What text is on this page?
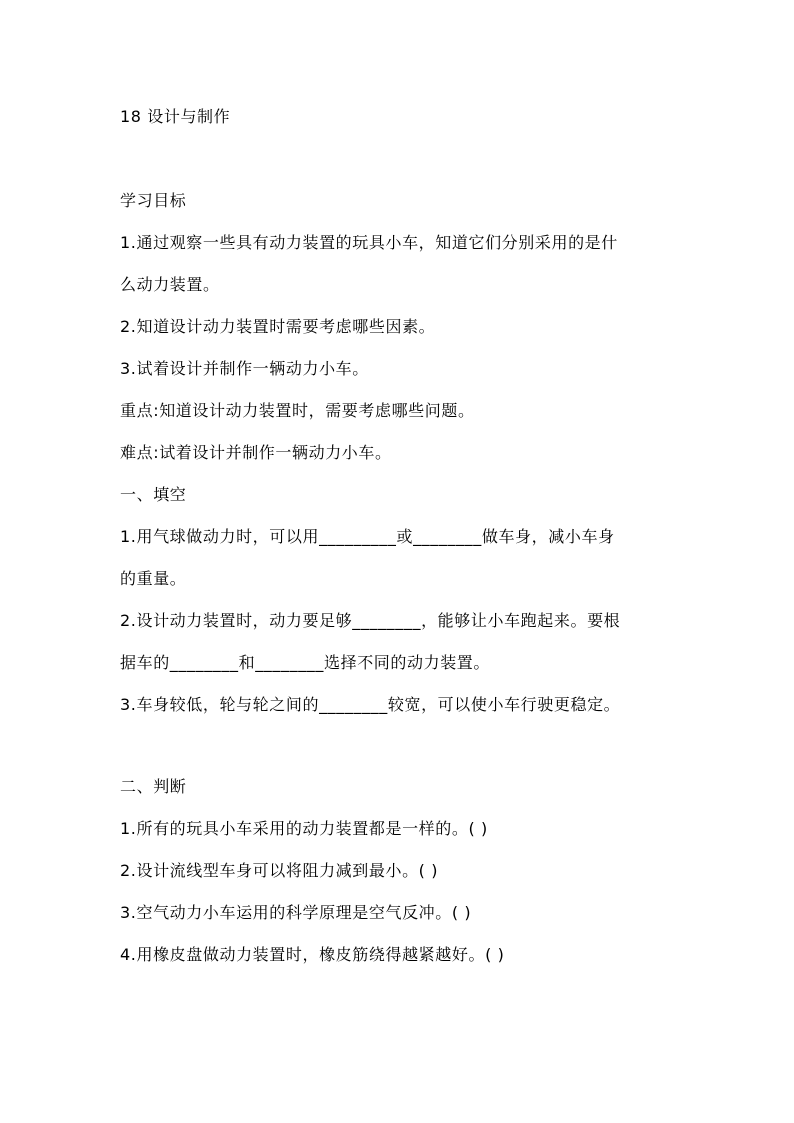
18 设计与制作
学习目标
1.通过观察一些具有动力装置的玩具小车，知道它们分别采用的是什
么动力装置。
2.知道设计动力装置时需要考虑哪些因素。
3.试着设计并制作一辆动力小车。
重点:知道设计动力装置时，需要考虑哪些问题。
难点:试着设计并制作一辆动力小车。
一、填空
1.用气球做动力时，可以用_________或________做车身，减小车身
的重量。
2.设计动力装置时，动力要足够________，能够让小车跑起来。要根
据车的________和________选择不同的动力装置。
3.车身较低，轮与轮之间的________较宽，可以使小车行驶更稳定。
二、判断
1.所有的玩具小车采用的动力装置都是一样的。( )
2.设计流线型车身可以将阻力减到最小。( )
3.空气动力小车运用的科学原理是空气反冲。( )
4.用橡皮盘做动力装置时，橡皮筋绕得越紧越好。( )
